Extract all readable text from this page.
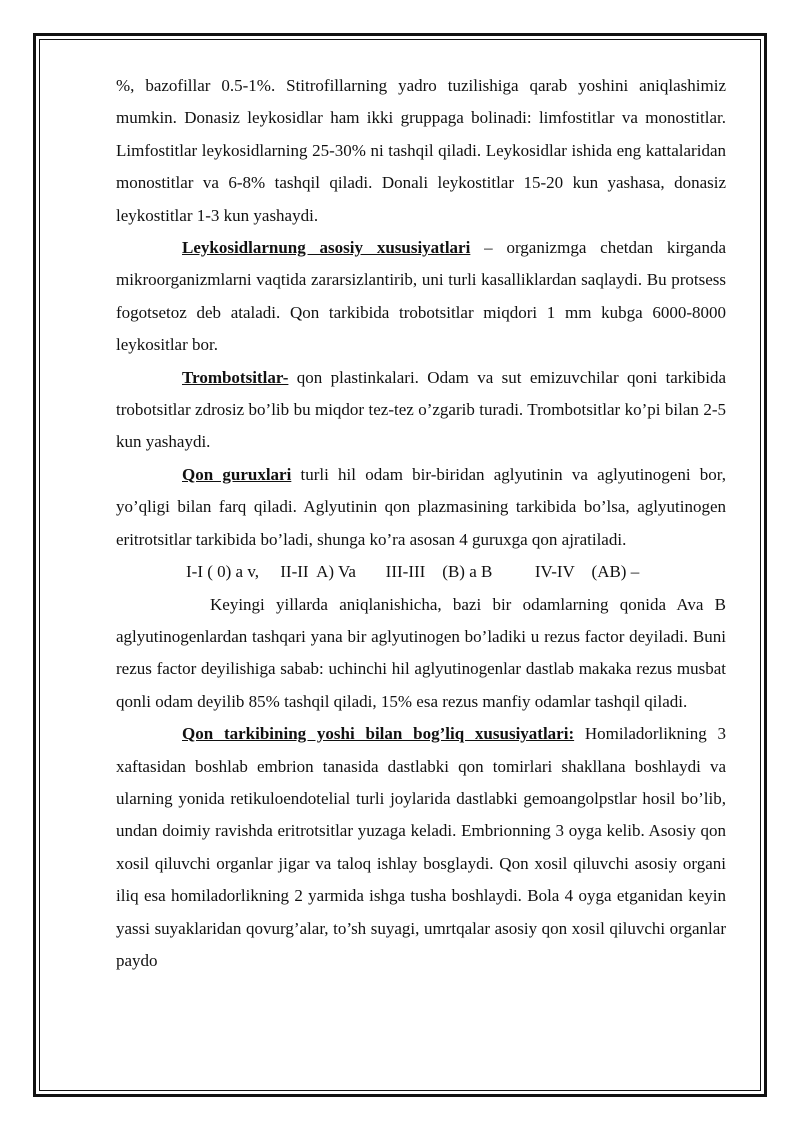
%, bazofillar 0.5-1%. Stitrofillarning yadro tuzilishiga qarab yoshini aniqlashimiz mumkin. Donasiz leykosidlar ham ikki gruppaga bolinadi: limfostitlar va monostitlar. Limfostitlar leykosidlarning 25-30% ni tashqil qiladi. Leykosidlar ishida eng kattalaridan monostitlar va 6-8% tashqil qiladi. Donali leykostitlar 15-20 kun yashasa, donasiz leykostitlar 1-3 kun yashaydi.

Leykosidlarnung asosiy xususiyatlari – organizmga chetdan kirganda mikroorganizmlarni vaqtida zararsizlantirib, uni turli kasalliklardan saqlaydi. Bu protsess fogotsetoz deb ataladi. Qon tarkibida trobotsitlar miqdori 1 mm kubga 6000-8000 leykositlar bor.

Trombotsitlar- qon plastinkalari. Odam va sut emizuvchilar qoni tarkibida trobotsitlar zdrosiz bo’lib bu miqdor tez-tez o’zgarib turadi. Trombotsitlar ko’pi bilan 2-5 kun yashaydi.

Qon guruxlari turli hil odam bir-biridan aglyutinin va aglyutinogeni bor, yo’qligi bilan farq qiladi. Aglyutinin qon plazmasining tarkibida bo’lsa, aglyutinogen eritrotsitlar tarkibida bo’ladi, shunga ko’ra asosan 4 guruxga qon ajratiladi.

I-I ( 0) a v,     II-II  A) Va       III-III    (B) a B          IV-IV    (AB) –

Keyingi yillarda aniqlanishicha, bazi bir odamlarning qonida Ava B aglyutinogenlardan tashqari yana bir aglyutinogen bo’ladiki u rezus factor deyiladi. Buni rezus factor deyilishiga sabab: uchinchi hil aglyutinogenlar dastlab makaka rezus musbat qonli odam deyilib 85% tashqil qiladi, 15% esa rezus manfiy odamlar tashqil qiladi.

Qon tarkibining yoshi bilan bog’liq xususiyatlari: Homiladorlikning 3 xaftasidan boshlab embrion tanasida dastlabki qon tomirlari shakllana boshlaydi va ularning yonida retikuloendotelial turli joylarida dastlabki gemoangolpstlar hosil bo’lib, undan doimiy ravishda eritrotsitlar yuzaga keladi. Embrionning 3 oyga kelib. Asosiy qon xosil qiluvchi organlar jigar va taloq ishlay bosglaydi. Qon xosil qiluvchi asosiy organi iliq esa homiladorlikning 2 yarmida ishga tusha boshlaydi. Bola 4 oyga etganidan keyin yassi suyaklaridan qovurg’alar, to’sh suyagi, umrtqalar asosiy qon xosil qiluvchi organlar paydo
